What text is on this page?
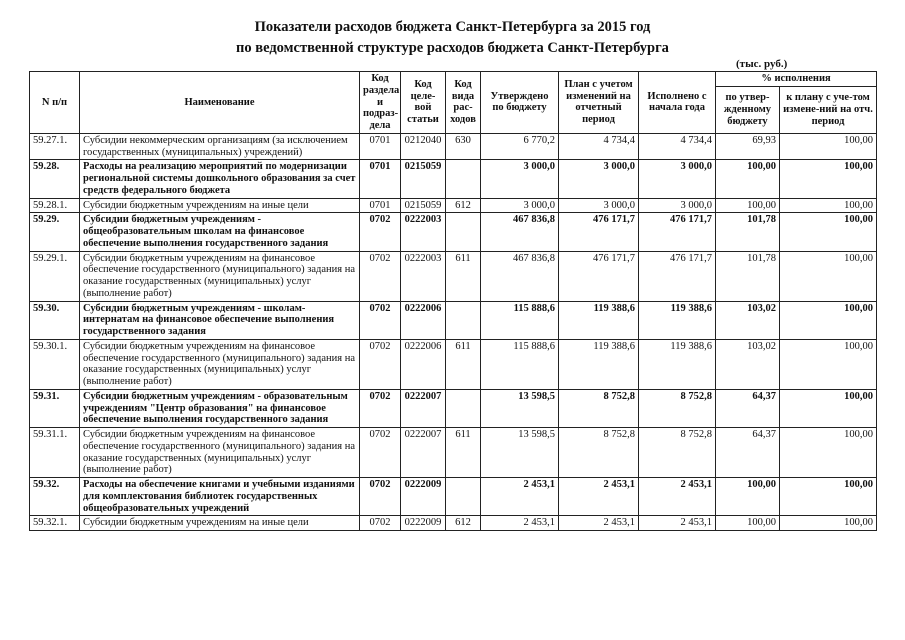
Показатели расходов бюджета Санкт-Петербурга за 2015 год
по ведомственной структуре расходов бюджета Санкт-Петербурга
(тыс. руб.)
N п/п	Наименование	Код раздела и подраз-дела	Код целе-вой статьи	Код вида рас-ходов	Утверждено по бюджету	План с учетом изменений на отчетный период	Исполнено с начала года	% исполнения	
								по утвер-жденному бюджету	к плану с уче-том измене-ний на отч. период
59.27.1.	Субсидии некоммерческим организациям (за исключением государственных (муниципальных) учреждений)	0701	0212040	630	6 770,2	4 734,4	4 734,4	69,93	100,00
59.28.	Расходы на реализацию мероприятий по модернизации региональной системы дошкольного образования за счет средств федерального бюджета	0701	0215059		3 000,0	3 000,0	3 000,0	100,00	100,00
59.28.1.	Субсидии бюджетным учреждениям на иные цели	0701	0215059	612	3 000,0	3 000,0	3 000,0	100,00	100,00
59.29.	Субсидии бюджетным учреждениям - общеобразовательным школам на финансовое обеспечение выполнения государственного задания	0702	0222003		467 836,8	476 171,7	476 171,7	101,78	100,00
59.29.1.	Субсидии бюджетным учреждениям на финансовое обеспечение государственного (муниципального) задания на оказание государственных (муниципальных) услуг (выполнение работ)	0702	0222003	611	467 836,8	476 171,7	476 171,7	101,78	100,00
59.30.	Субсидии бюджетным учреждениям - школам-интернатам на финансовое обеспечение выполнения государственного задания	0702	0222006		115 888,6	119 388,6	119 388,6	103,02	100,00
59.30.1.	Субсидии бюджетным учреждениям на финансовое обеспечение государственного (муниципального) задания на оказание государственных (муниципальных) услуг (выполнение работ)	0702	0222006	611	115 888,6	119 388,6	119 388,6	103,02	100,00
59.31.	Субсидии бюджетным учреждениям - образовательным учреждениям "Центр образования" на финансовое обеспечение выполнения государственного задания	0702	0222007		13 598,5	8 752,8	8 752,8	64,37	100,00
59.31.1.	Субсидии бюджетным учреждениям на финансовое обеспечение государственного (муниципального) задания на оказание государственных (муниципальных) услуг (выполнение работ)	0702	0222007	611	13 598,5	8 752,8	8 752,8	64,37	100,00
59.32.	Расходы на обеспечение книгами и учебными изданиями для комплектования библиотек государственных общеобразовательных учреждений	0702	0222009		2 453,1	2 453,1	2 453,1	100,00	100,00
59.32.1.	Субсидии бюджетным учреждениям на иные цели	0702	0222009	612	2 453,1	2 453,1	2 453,1	100,00	100,00
